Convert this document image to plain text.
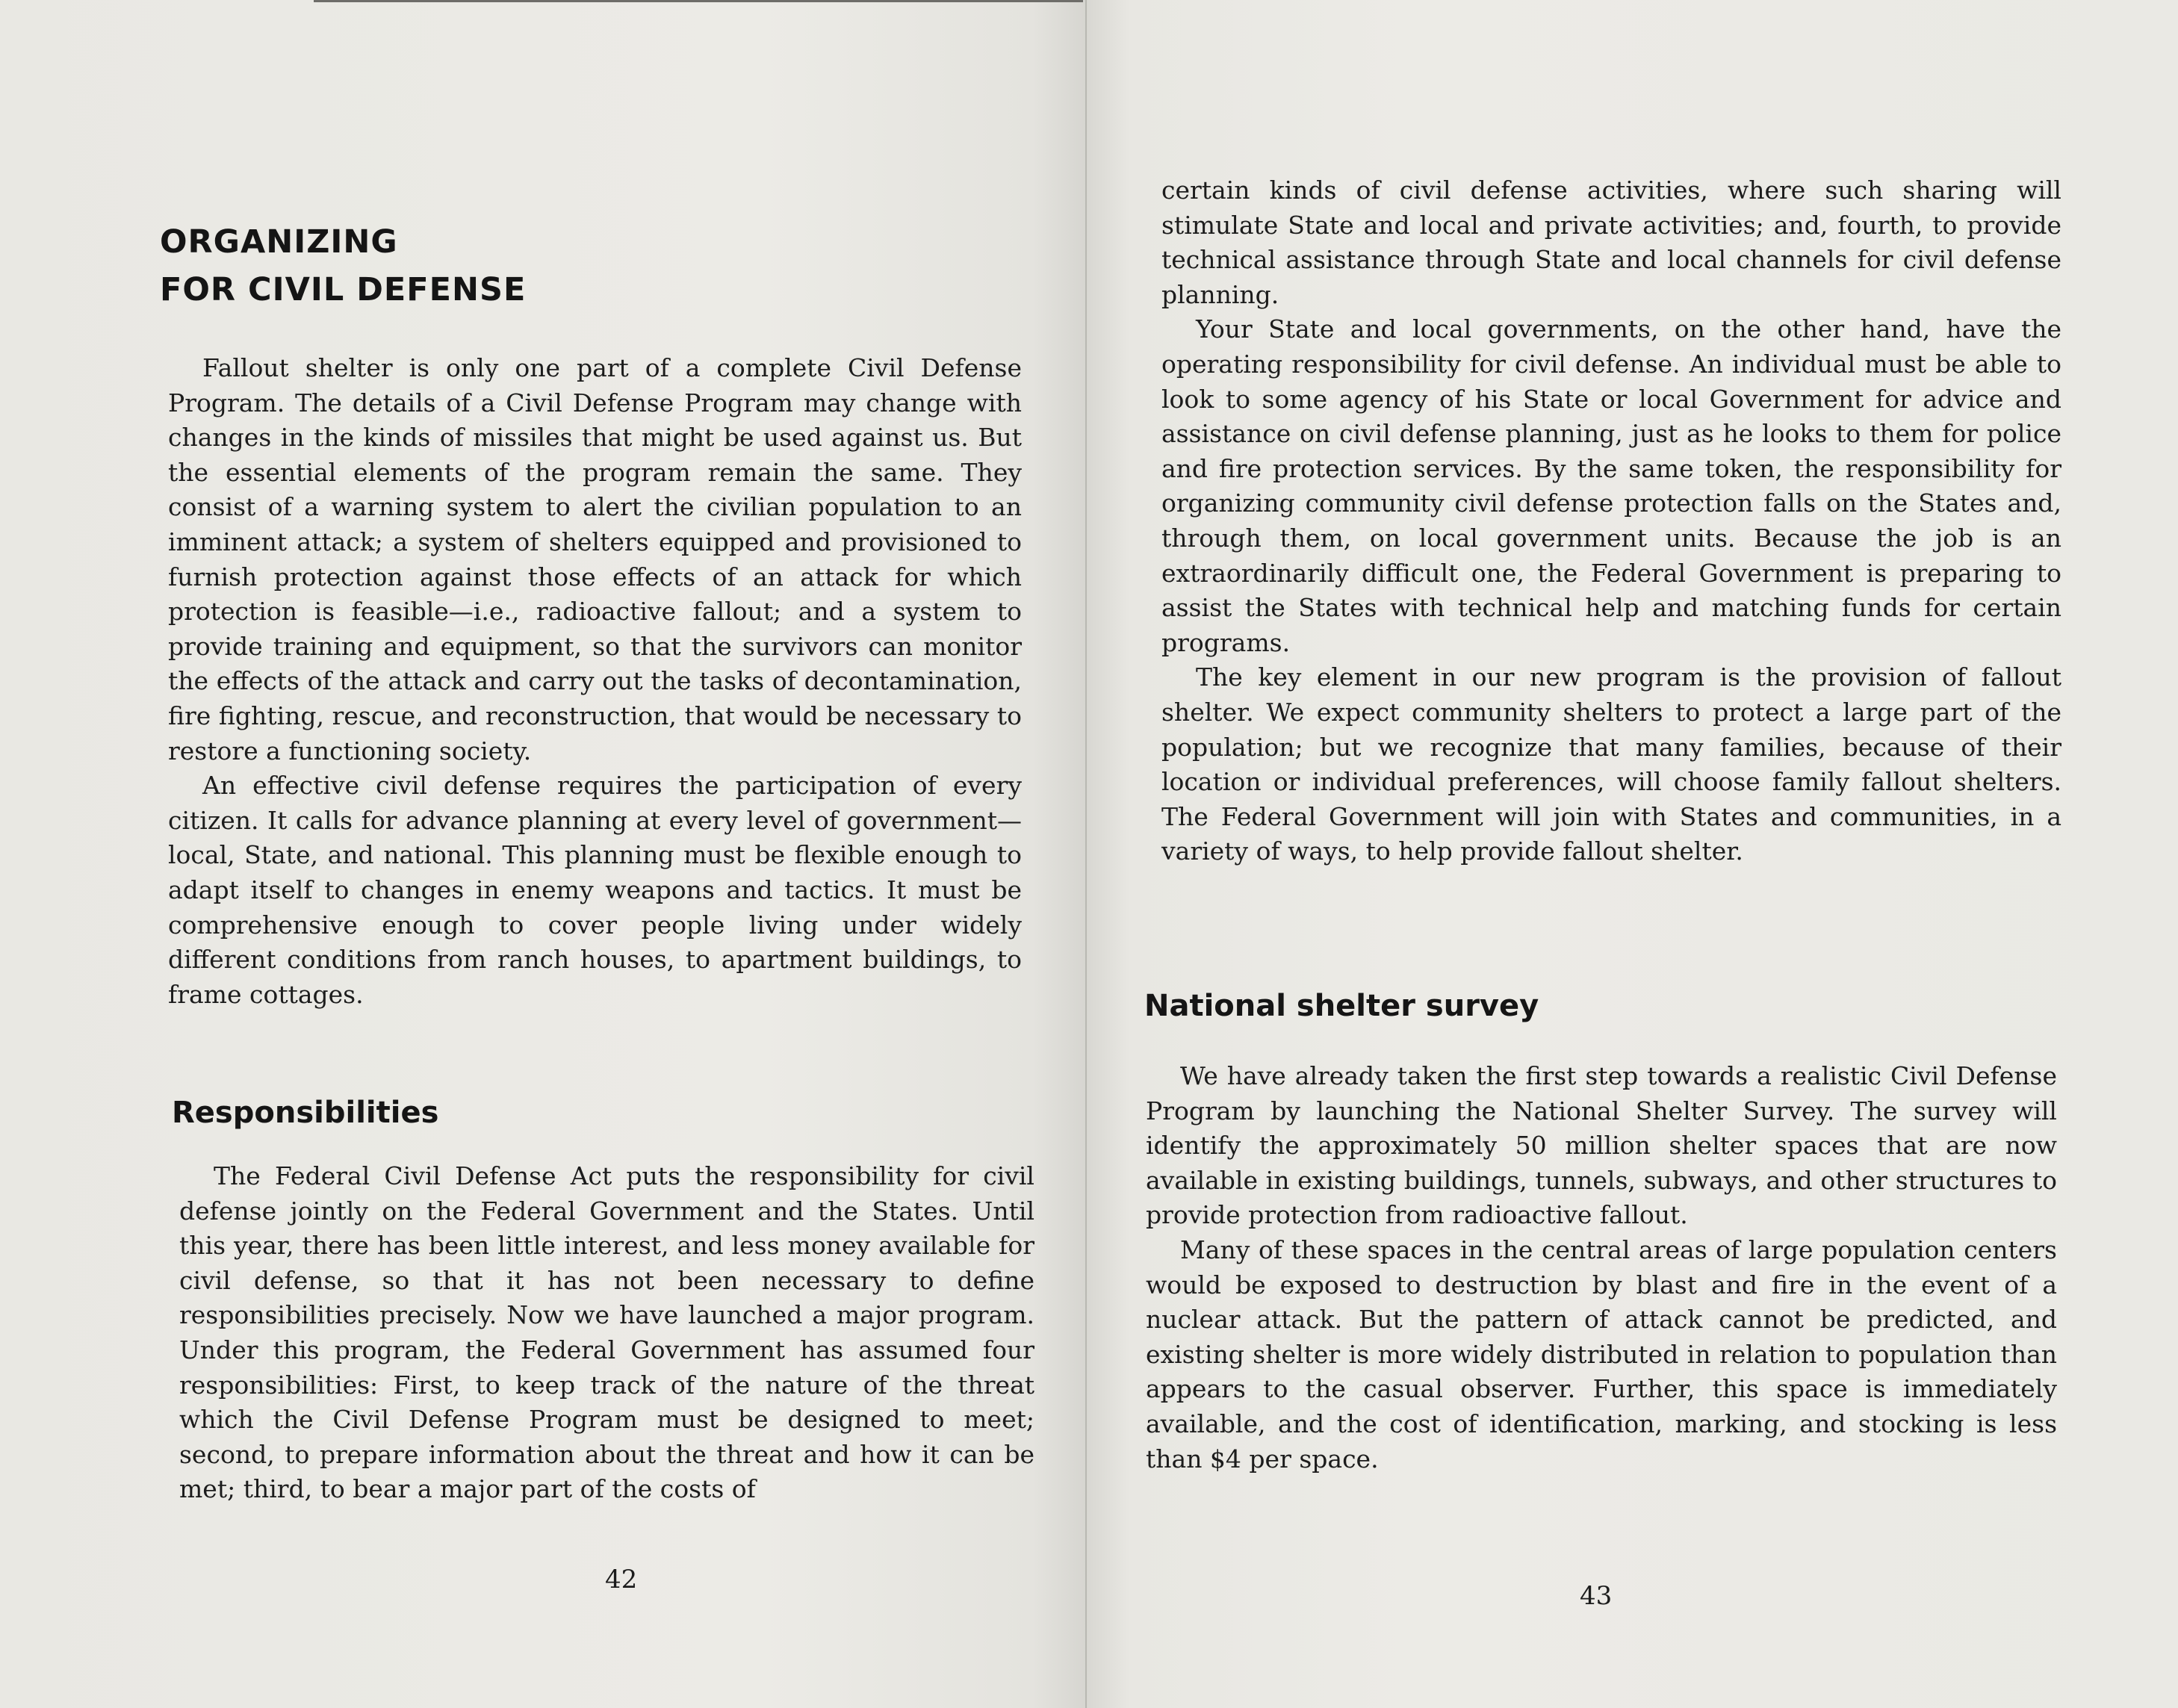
ORGANIZING
FOR CIVIL DEFENSE

Fallout shelter is only one part of a complete Civil Defense Program. The details of a Civil Defense Program may change with changes in the kinds of missiles that might be used against us. But the essential elements of the program remain the same. They consist of a warning system to alert the civilian population to an imminent attack; a system of shelters equipped and provisioned to furnish protection against those effects of an attack for which protection is feasible—i.e., radioactive fallout; and a system to provide training and equipment, so that the survivors can monitor the effects of the attack and carry out the tasks of decontamination, fire fighting, rescue, and reconstruction, that would be necessary to restore a functioning society.

An effective civil defense requires the participation of every citizen. It calls for advance planning at every level of government—local, State, and national. This planning must be flexible enough to adapt itself to changes in enemy weapons and tactics. It must be comprehensive enough to cover people living under widely different conditions from ranch houses, to apartment buildings, to frame cottages.

Responsibilities

The Federal Civil Defense Act puts the responsibility for civil defense jointly on the Federal Government and the States. Until this year, there has been little interest, and less money available for civil defense, so that it has not been necessary to define responsibilities precisely. Now we have launched a major program. Under this program, the Federal Government has assumed four responsibilities: First, to keep track of the nature of the threat which the Civil Defense Program must be designed to meet; second, to prepare information about the threat and how it can be met; third, to bear a major part of the costs of

42

certain kinds of civil defense activities, where such sharing will stimulate State and local and private activities; and, fourth, to provide technical assistance through State and local channels for civil defense planning.

Your State and local governments, on the other hand, have the operating responsibility for civil defense. An individual must be able to look to some agency of his State or local Government for advice and assistance on civil defense planning, just as he looks to them for police and fire protection services. By the same token, the responsibility for organizing community civil defense protection falls on the States and, through them, on local government units. Because the job is an extraordinarily difficult one, the Federal Government is preparing to assist the States with technical help and matching funds for certain programs.

The key element in our new program is the provision of fallout shelter. We expect community shelters to protect a large part of the population; but we recognize that many families, because of their location or individual preferences, will choose family fallout shelters. The Federal Government will join with States and communities, in a variety of ways, to help provide fallout shelter.

National shelter survey

We have already taken the first step towards a realistic Civil Defense Program by launching the National Shelter Survey. The survey will identify the approximately 50 million shelter spaces that are now available in existing buildings, tunnels, subways, and other structures to provide protection from radioactive fallout.

Many of these spaces in the central areas of large population centers would be exposed to destruction by blast and fire in the event of a nuclear attack. But the pattern of attack cannot be predicted, and existing shelter is more widely distributed in relation to population than appears to the casual observer. Further, this space is immediately available, and the cost of identification, marking, and stocking is less than $4 per space.

43
